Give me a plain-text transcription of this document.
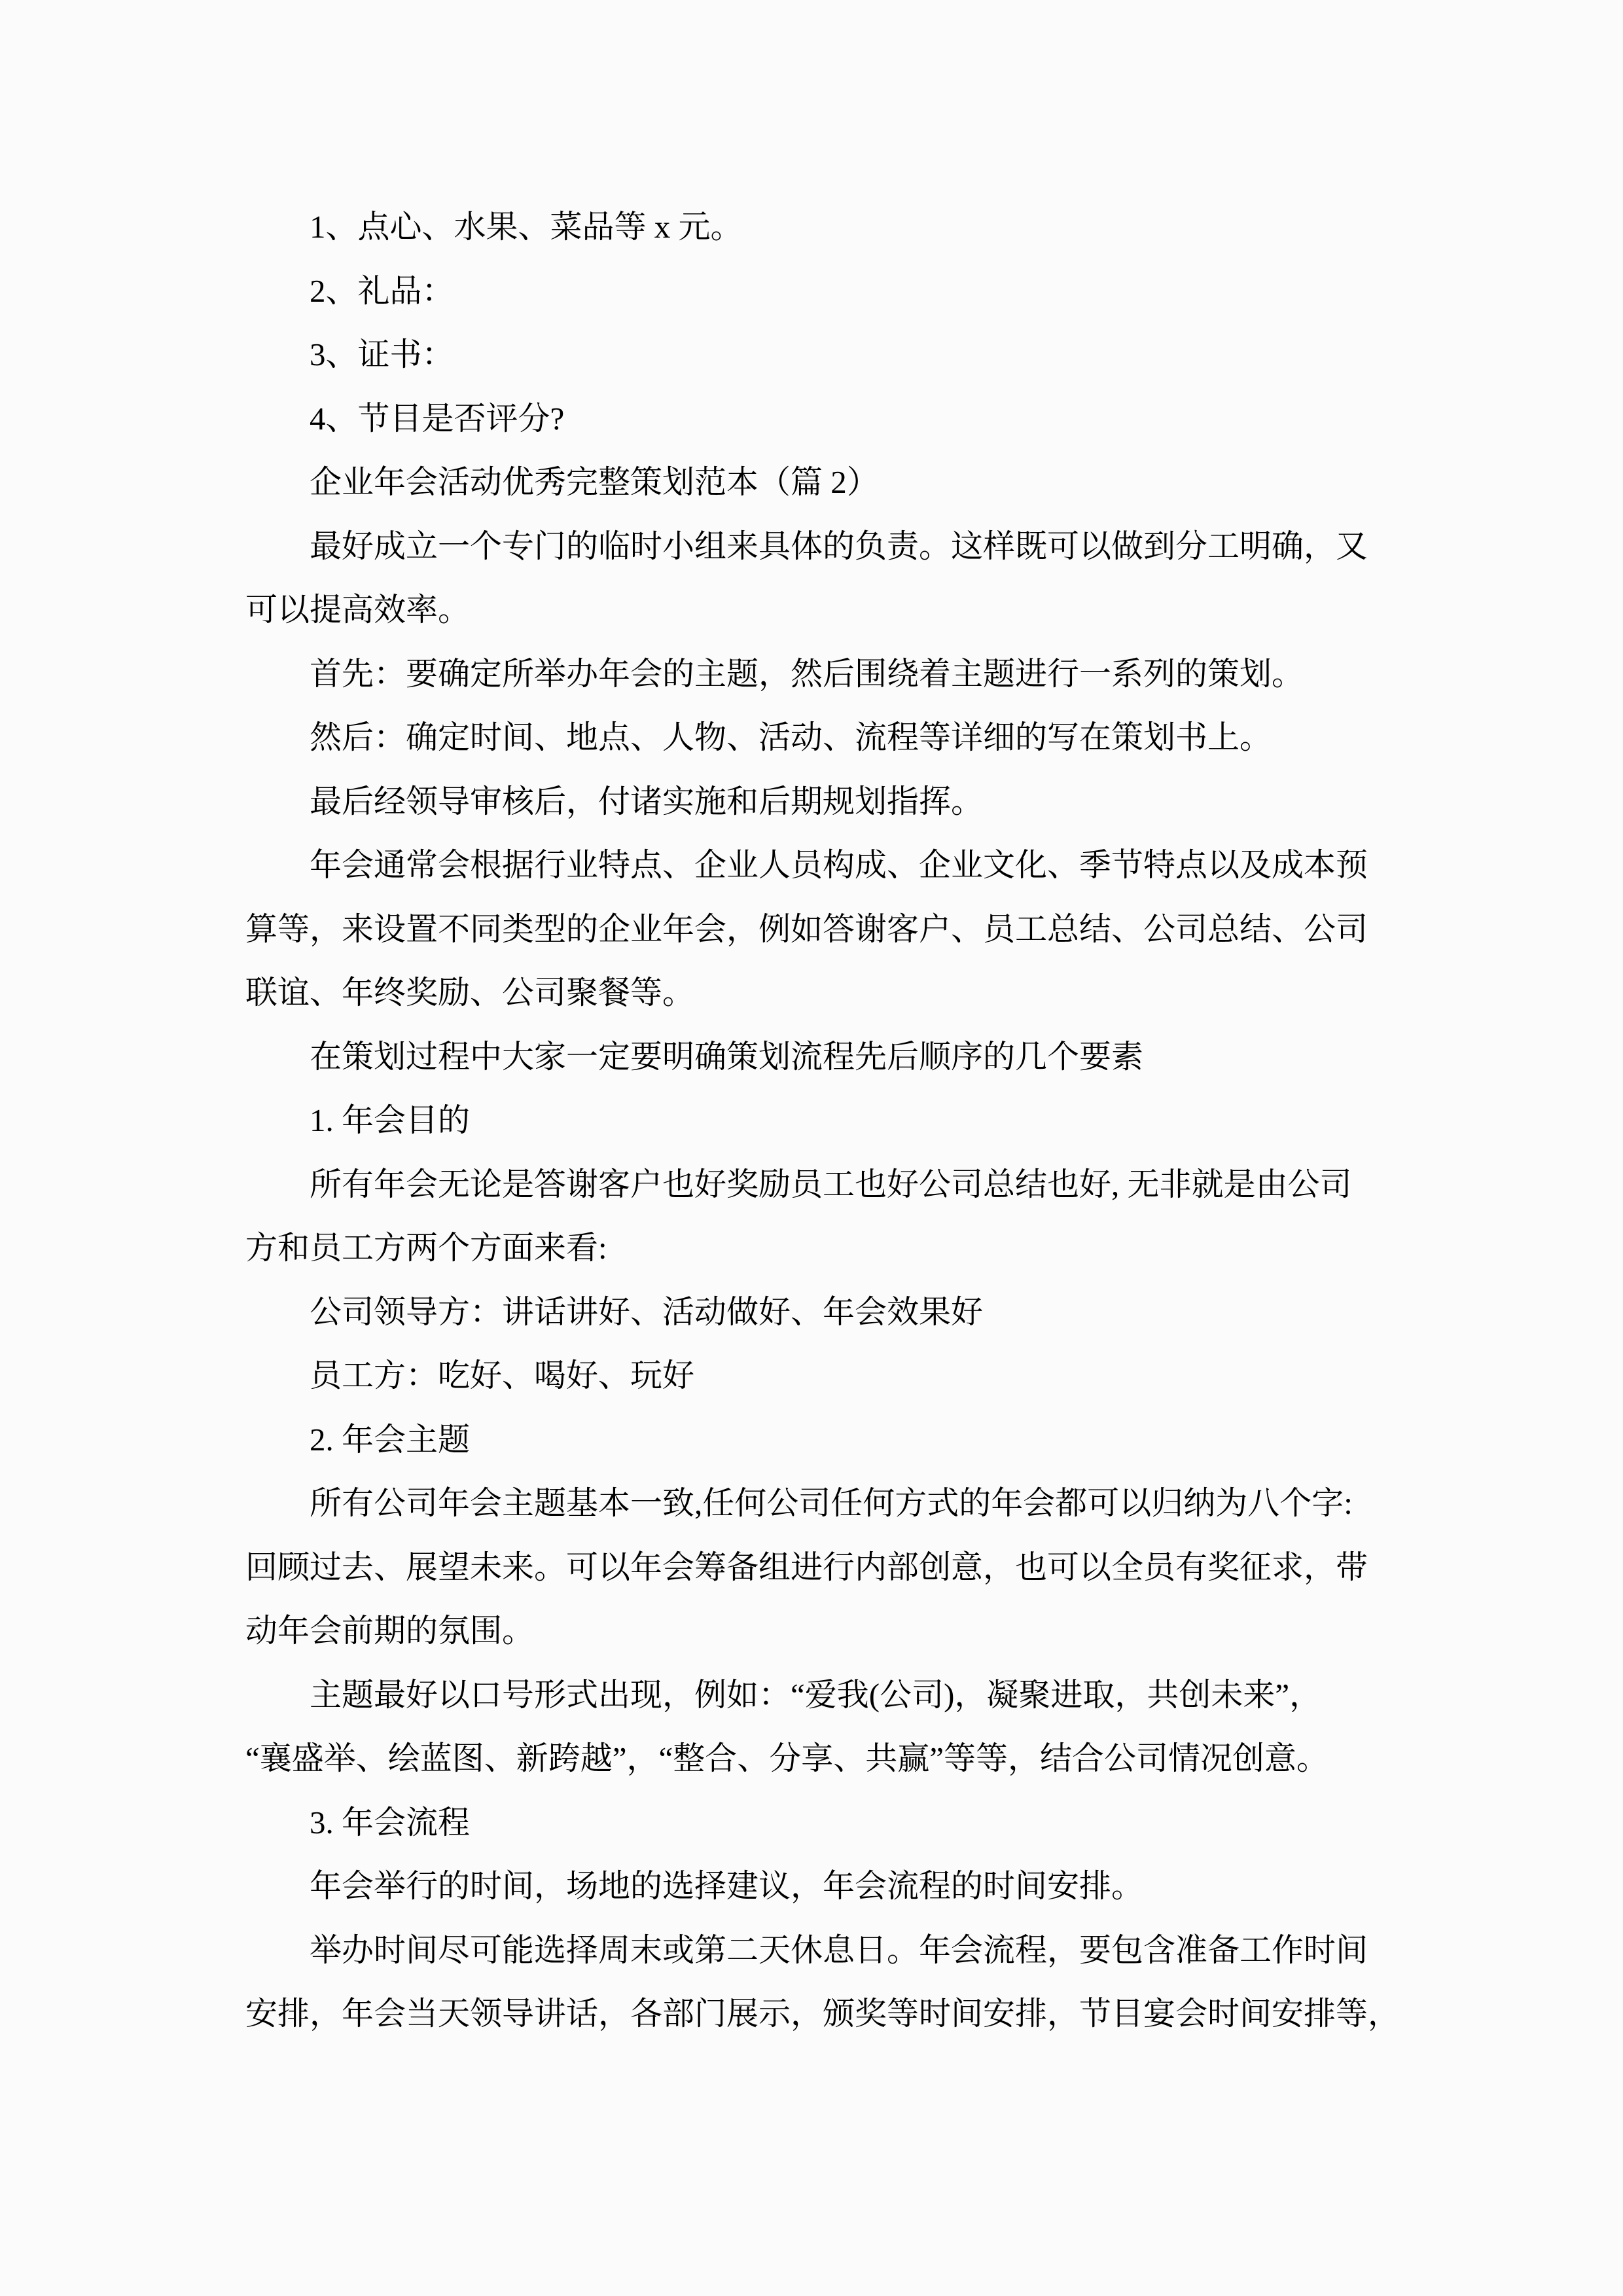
1、点心、水果、菜品等 x 元。
2、礼品：
3、证书：
4、节目是否评分?
企业年会活动优秀完整策划范本（篇 2）
最好成立一个专门的临时小组来具体的负责。这样既可以做到分工明确，又
可以提高效率。
首先：要确定所举办年会的主题，然后围绕着主题进行一系列的策划。
然后：确定时间、地点、人物、活动、流程等详细的写在策划书上。
最后经领导审核后，付诸实施和后期规划指挥。
年会通常会根据行业特点、企业人员构成、企业文化、季节特点以及成本预
算等，来设置不同类型的企业年会，例如答谢客户、员工总结、公司总结、公司
联谊、年终奖励、公司聚餐等。
在策划过程中大家一定要明确策划流程先后顺序的几个要素
1. 年会目的
所有年会无论是答谢客户也好奖励员工也好公司总结也好, 无非就是由公司
方和员工方两个方面来看:
公司领导方：讲话讲好、活动做好、年会效果好
员工方：吃好、喝好、玩好
2. 年会主题
所有公司年会主题基本一致,任何公司任何方式的年会都可以归纳为八个字:
回顾过去、展望未来。可以年会筹备组进行内部创意，也可以全员有奖征求，带
动年会前期的氛围。
主题最好以口号形式出现，例如：“爱我(公司)，凝聚进取，共创未来”，
“襄盛举、绘蓝图、新跨越”，“整合、分享、共赢”等等，结合公司情况创意。
3. 年会流程
年会举行的时间，场地的选择建议，年会流程的时间安排。
举办时间尽可能选择周末或第二天休息日。年会流程，要包含准备工作时间
安排，年会当天领导讲话，各部门展示，颁奖等时间安排，节目宴会时间安排等，
